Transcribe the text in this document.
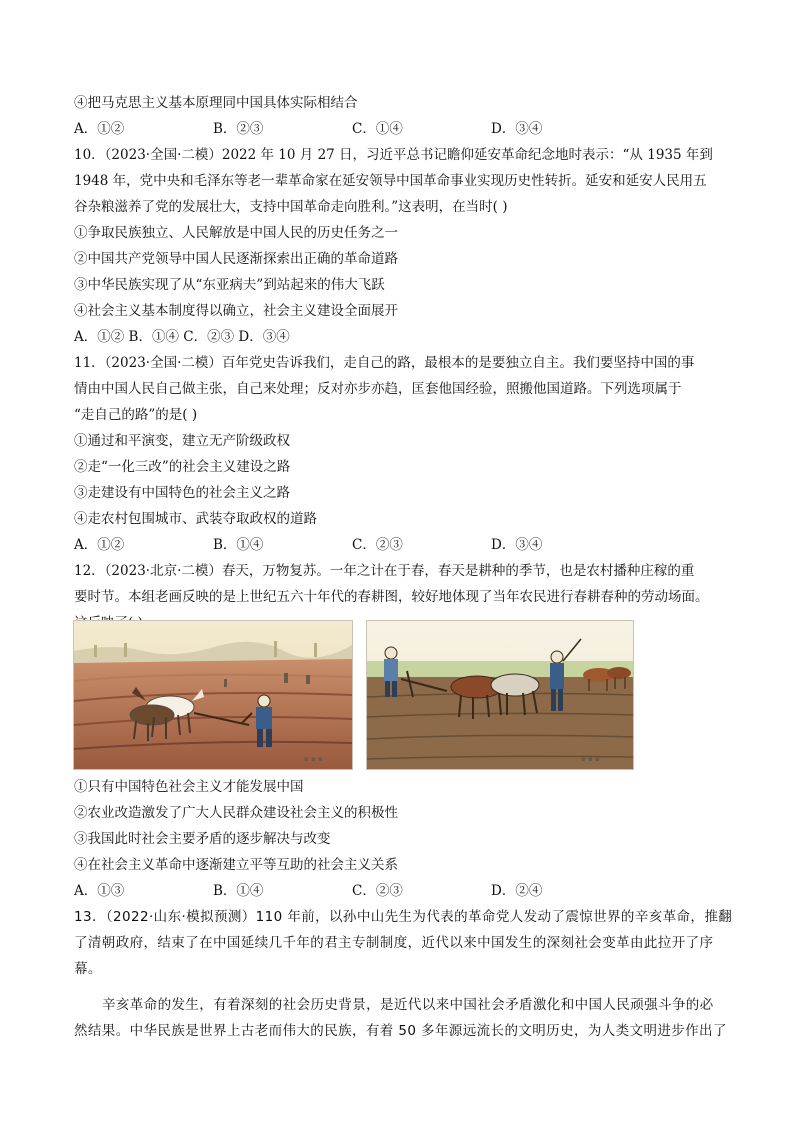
④把马克思主义基本原理同中国具体实际相结合
A．①②	B．②③	C．①④	D．③④
10．（2023·全国·二模）2022 年 10 月 27 日，习近平总书记瞻仰延安革命纪念地时表示：“从 1935 年到
1948 年，党中央和毛泽东等老一辈革命家在延安领导中国革命事业实现历史性转折。延安和延安人民用五
谷杂粮滋养了党的发展壮大，支持中国革命走向胜利。”这表明，在当时( )
①争取民族独立、人民解放是中国人民的历史任务之一
②中国共产党领导中国人民逐渐探索出正确的革命道路
③中华民族实现了从“东亚病夫”到站起来的伟大飞跃
④社会主义基本制度得以确立，社会主义建设全面展开
A．①② B．①④ C．②③ D．③④
11．（2023·全国·二模）百年党史告诉我们，走自己的路，最根本的是要独立自主。我们要坚持中国的事
情由中国人民自己做主张，自己来处理；反对亦步亦趋，匡套他国经验，照搬他国道路。下列选项属于
“走自己的路”的是( )
①通过和平演变，建立无产阶级政权
②走“一化三改”的社会主义建设之路
③走建设有中国特色的社会主义之路
④走农村包围城市、武装夺取政权的道路
A．①②	B．①④	C．②③	D．③④
12．（2023·北京·二模）春天，万物复苏。一年之计在于春，春天是耕种的季节，也是农村播种庄稼的重
要时节。本组老画反映的是上世纪五六十年代的春耕图，较好地体现了当年农民进行春耕春种的劳动场面。
▪ ▪ ▪	▪ ▪ ▪
①只有中国特色社会主义才能发展中国
②农业改造激发了广大人民群众建设社会主义的积极性
③我国此时社会主要矛盾的逐步解决与改变
④在社会主义革命中逐渐建立平等互助的社会主义关系
A．①③	B．①④	C．②③	D．②④
13．（2022·山东·模拟预测）110 年前，以孙中山先生为代表的革命党人发动了震惊世界的辛亥革命，推翻
了清朝政府，结束了在中国延续几千年的君主专制制度，近代以来中国发生的深刻社会变革由此拉开了序
幕。
辛亥革命的发生，有着深刻的社会历史背景，是近代以来中国社会矛盾激化和中国人民顽强斗争的必
然结果。中华民族是世界上古老而伟大的民族，有着 50 多年源远流长的文明历史，为人类文明进步作出了
